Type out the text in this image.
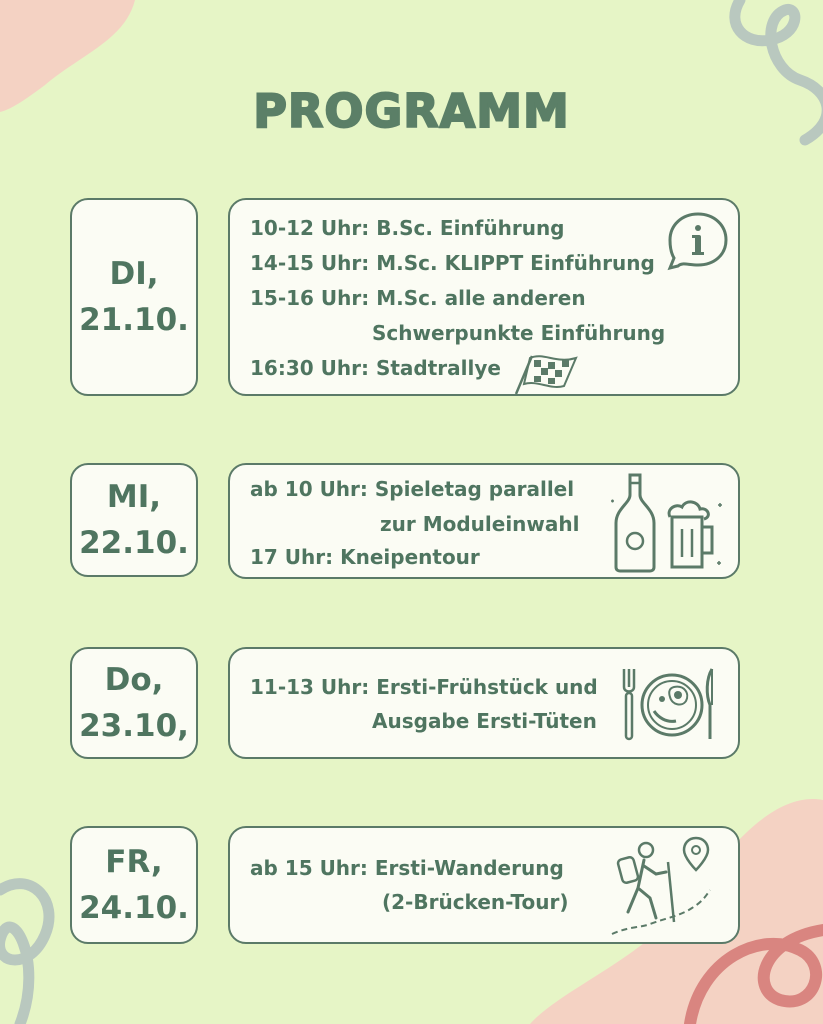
PROGRAMM
DI,
21.10.
10-12 Uhr: B.Sc. Einführung
14-15 Uhr: M.Sc. KLIPPT Einführung
15-16 Uhr: M.Sc. alle anderen
Schwerpunkte Einführung
16:30 Uhr: Stadtrallye
MI,
22.10.
ab 10 Uhr: Spieletag parallel
zur Moduleinwahl
17 Uhr: Kneipentour
Do,
23.10,
11-13 Uhr: Ersti-Frühstück und
Ausgabe Ersti-Tüten
FR,
24.10.
ab 15 Uhr: Ersti-Wanderung
(2-Brücken-Tour)
